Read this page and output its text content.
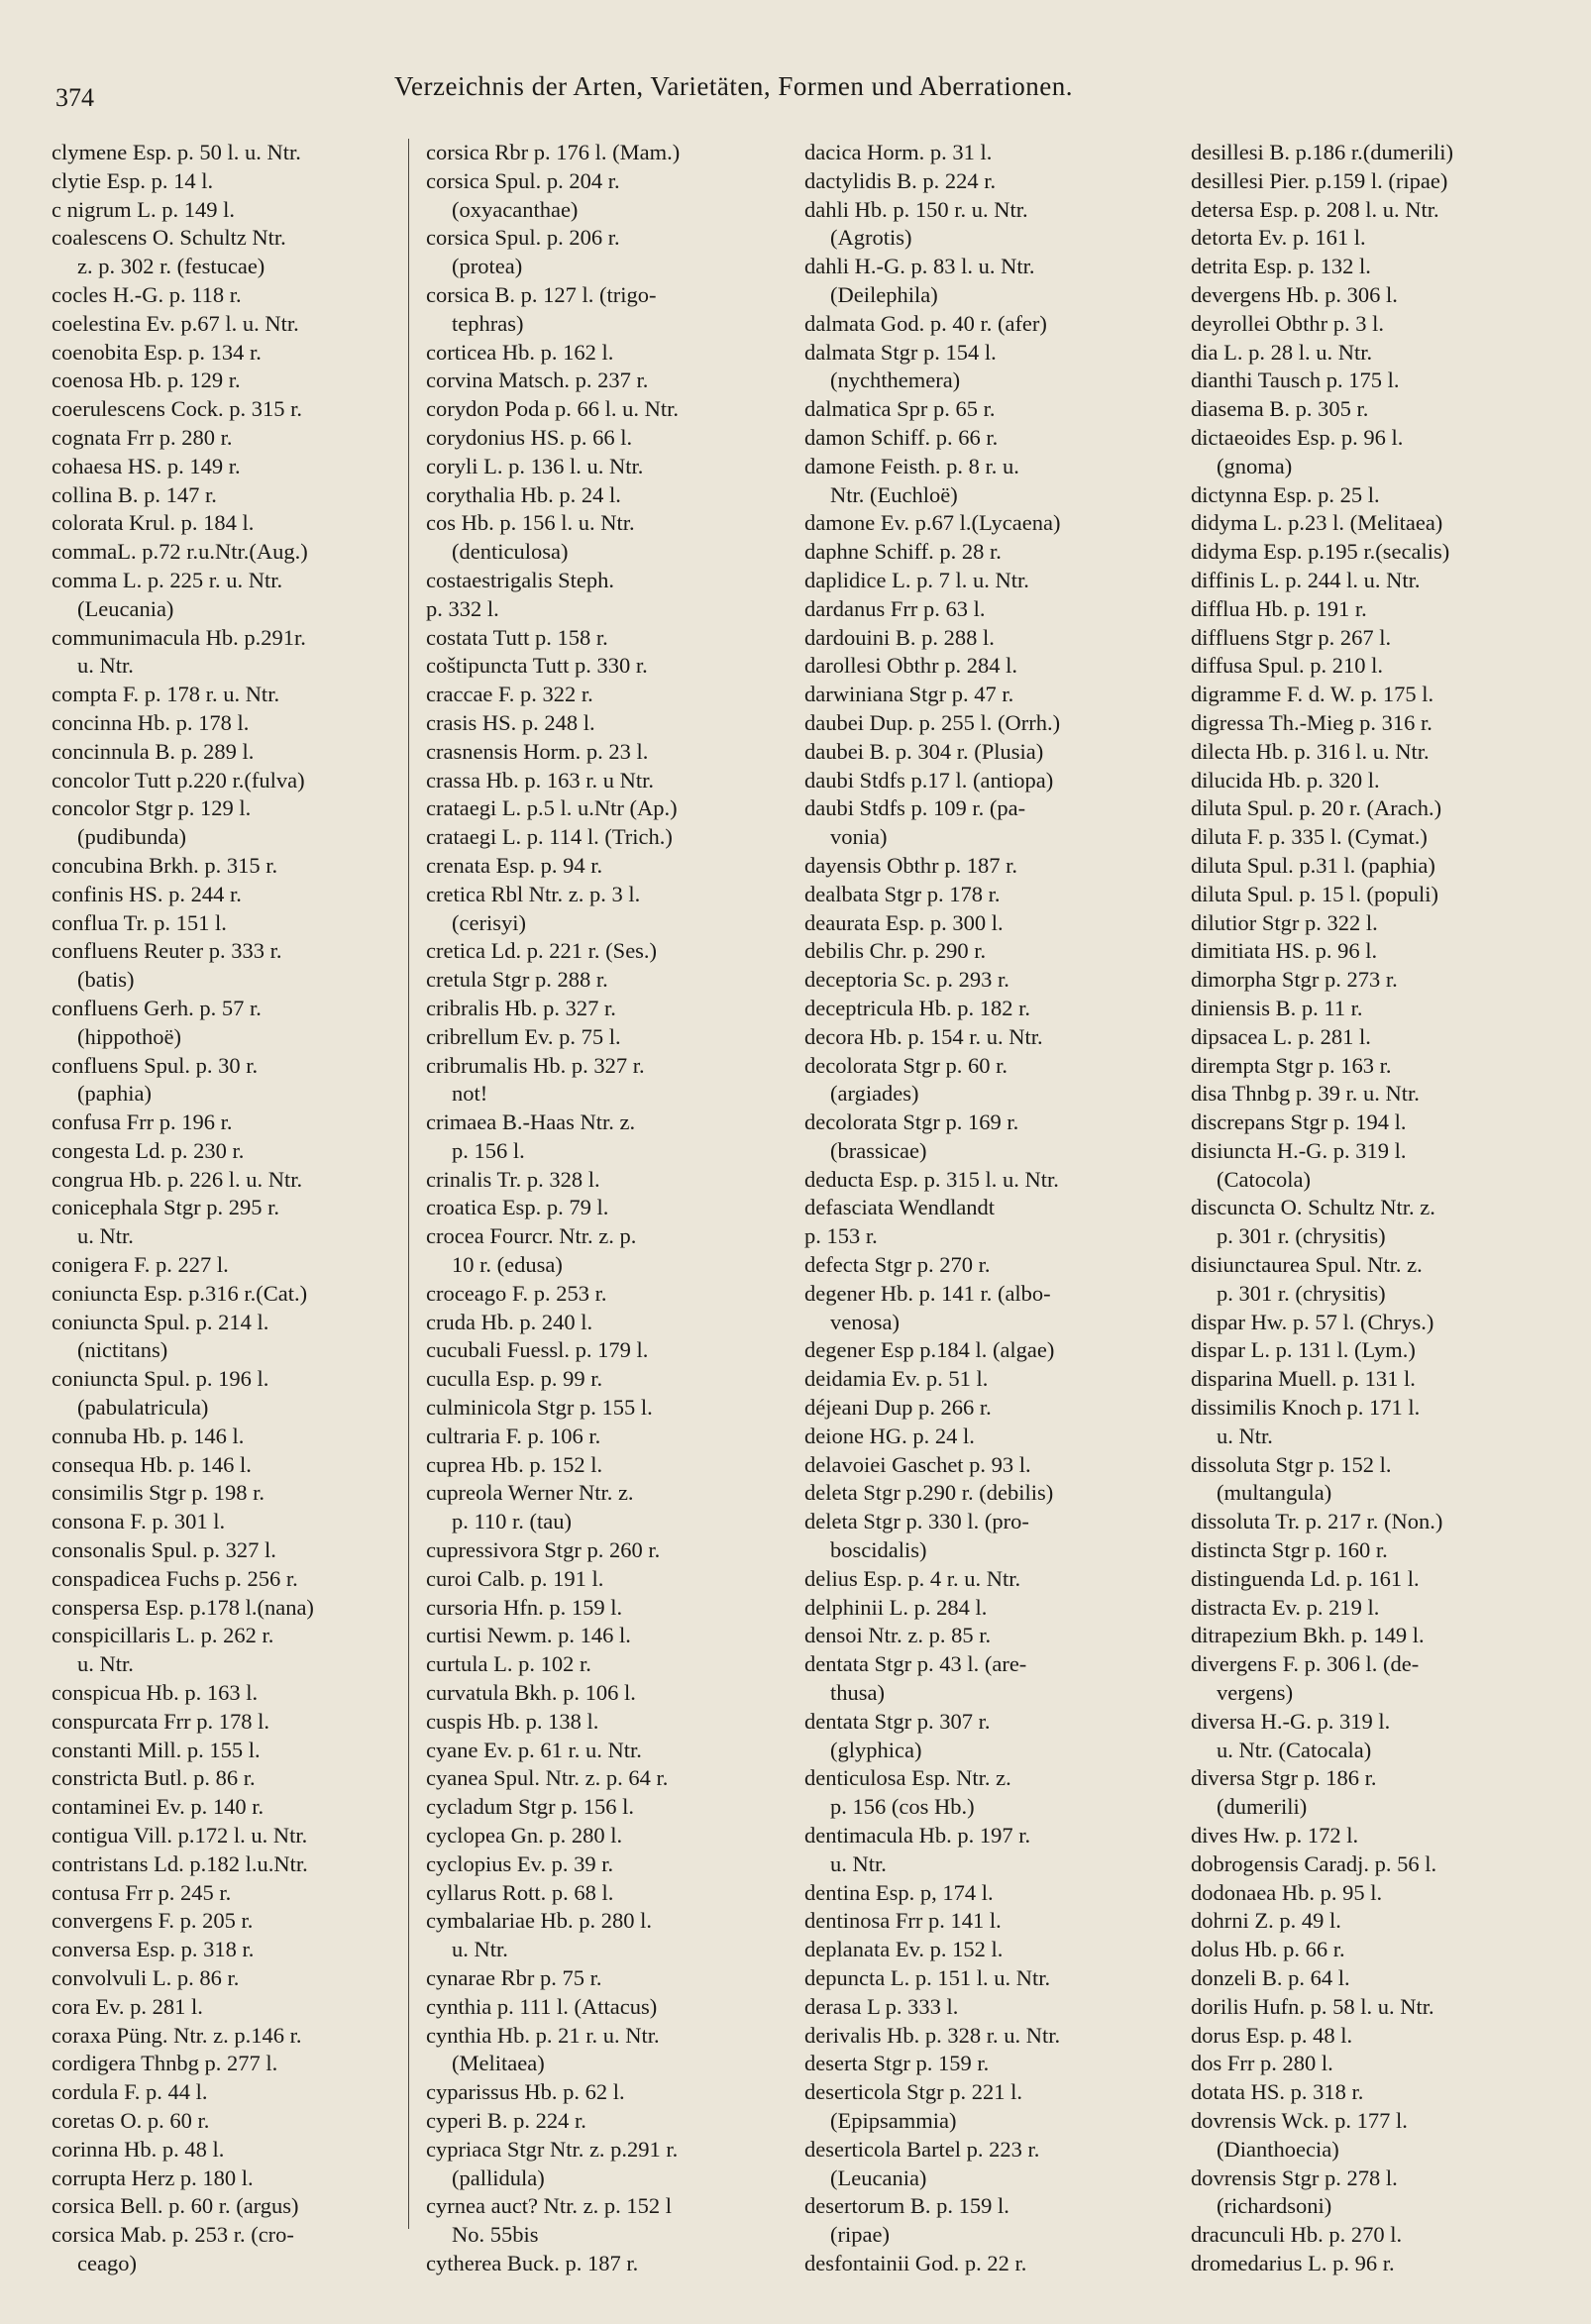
374	Verzeichnis der Arten, Varietäten, Formen und Aberrationen.
clymene Esp. p. 50 l. u. Ntr.
clytie Esp. p. 14 l.
c nigrum L. p. 149 l.
coalescens O. Schultz Ntr.
z. p. 302 r. (festucae)
cocles H.-G. p. 118 r.
coelestina Ev. p.67 l. u. Ntr.
coenobita Esp. p. 134 r.
coenosa Hb. p. 129 r.
coerulescens Cock. p. 315 r.
cognata Frr p. 280 r.
cohaesa HS. p. 149 r.
collina B. p. 147 r.
colorata Krul. p. 184 l.
commaL. p.72 r.u.Ntr.(Aug.)
comma L. p. 225 r. u. Ntr.
(Leucania)
communimacula Hb. p.291r.
u. Ntr.
compta F. p. 178 r. u. Ntr.
concinna Hb. p. 178 l.
concinnula B. p. 289 l.
concolor Tutt p.220 r.(fulva)
concolor Stgr p. 129 l.
(pudibunda)
concubina Brkh. p. 315 r.
confinis HS. p. 244 r.
conflua Tr. p. 151 l.
confluens Reuter p. 333 r.
(batis)
confluens Gerh. p. 57 r.
(hippothoë)
confluens Spul. p. 30 r.
(paphia)
confusa Frr p. 196 r.
congesta Ld. p. 230 r.
congrua Hb. p. 226 l. u. Ntr.
conicephala Stgr p. 295 r.
u. Ntr.
conigera F. p. 227 l.
coniuncta Esp. p.316 r.(Cat.)
coniuncta Spul. p. 214 l.
(nictitans)
coniuncta Spul. p. 196 l.
(pabulatricula)
connuba Hb. p. 146 l.
consequa Hb. p. 146 l.
consimilis Stgr p. 198 r.
consona F. p. 301 l.
consonalis Spul. p. 327 l.
conspadicea Fuchs p. 256 r.
conspersa Esp. p.178 l.(nana)
conspicillaris L. p. 262 r.
u. Ntr.
conspicua Hb. p. 163 l.
conspurcata Frr p. 178 l.
constanti Mill. p. 155 l.
constricta Butl. p. 86 r.
contaminei Ev. p. 140 r.
contigua Vill. p.172 l. u. Ntr.
contristans Ld. p.182 l.u.Ntr.
contusa Frr p. 245 r.
convergens F. p. 205 r.
conversa Esp. p. 318 r.
convolvuli L. p. 86 r.
cora Ev. p. 281 l.
coraxa Püng. Ntr. z. p.146 r.
cordigera Thnbg p. 277 l.
cordula F. p. 44 l.
coretas O. p. 60 r.
corinna Hb. p. 48 l.
corrupta Herz p. 180 l.
corsica Bell. p. 60 r. (argus)
corsica Mab. p. 253 r. (cro-
ceago)
corsica Rbr p. 176 l. (Mam.)
corsica Spul. p. 204 r.
(oxyacanthae)
corsica Spul. p. 206 r.
(protea)
corsica B. p. 127 l. (trigo-
tephras)
corticea Hb. p. 162 l.
corvina Matsch. p. 237 r.
corydon Poda p. 66 l. u. Ntr.
corydonius HS. p. 66 l.
coryli L. p. 136 l. u. Ntr.
corythalia Hb. p. 24 l.
cos Hb. p. 156 l. u. Ntr.
(denticulosa)
costaestrigalis Steph.
p. 332 l.
costata Tutt p. 158 r.
coštipuncta Tutt p. 330 r.
craccae F. p. 322 r.
crasis HS. p. 248 l.
crasnensis Horm. p. 23 l.
crassa Hb. p. 163 r. u Ntr.
crataegi L. p.5 l. u.Ntr (Ap.)
crataegi L. p. 114 l. (Trich.)
crenata Esp. p. 94 r.
cretica Rbl Ntr. z. p. 3 l.
(cerisyi)
cretica Ld. p. 221 r. (Ses.)
cretula Stgr p. 288 r.
cribralis Hb. p. 327 r.
cribrellum Ev. p. 75 l.
cribrumalis Hb. p. 327 r.
not!
crimaea B.-Haas Ntr. z.
p. 156 l.
crinalis Tr. p. 328 l.
croatica Esp. p. 79 l.
crocea Fourcr. Ntr. z. p.
10 r. (edusa)
croceago F. p. 253 r.
cruda Hb. p. 240 l.
cucubali Fuessl. p. 179 l.
cuculla Esp. p. 99 r.
culminicola Stgr p. 155 l.
cultraria F. p. 106 r.
cuprea Hb. p. 152 l.
cupreola Werner Ntr. z.
p. 110 r. (tau)
cupressivora Stgr p. 260 r.
curoi Calb. p. 191 l.
cursoria Hfn. p. 159 l.
curtisi Newm. p. 146 l.
curtula L. p. 102 r.
curvatula Bkh. p. 106 l.
cuspis Hb. p. 138 l.
cyane Ev. p. 61 r. u. Ntr.
cyanea Spul. Ntr. z. p. 64 r.
cycladum Stgr p. 156 l.
cyclopea Gn. p. 280 l.
cyclopius Ev. p. 39 r.
cyllarus Rott. p. 68 l.
cymbalariae Hb. p. 280 l.
u. Ntr.
cynarae Rbr p. 75 r.
cynthia p. 111 l. (Attacus)
cynthia Hb. p. 21 r. u. Ntr.
(Melitaea)
cyparissus Hb. p. 62 l.
cyperi B. p. 224 r.
cypriaca Stgr Ntr. z. p.291 r.
(pallidula)
cyrnea auct? Ntr. z. p. 152 l
No. 55bis
cytherea Buck. p. 187 r.
dacica Horm. p. 31 l.
dactylidis B. p. 224 r.
dahli Hb. p. 150 r. u. Ntr.
(Agrotis)
dahli H.-G. p. 83 l. u. Ntr.
(Deilephila)
dalmata God. p. 40 r. (afer)
dalmata Stgr p. 154 l.
(nychthemera)
dalmatica Spr p. 65 r.
damon Schiff. p. 66 r.
damone Feisth. p. 8 r. u.
Ntr. (Euchloë)
damone Ev. p.67 l.(Lycaena)
daphne Schiff. p. 28 r.
daplidice L. p. 7 l. u. Ntr.
dardanus Frr p. 63 l.
dardouini B. p. 288 l.
darollesi Obthr p. 284 l.
darwiniana Stgr p. 47 r.
daubei Dup. p. 255 l. (Orrh.)
daubei B. p. 304 r. (Plusia)
daubi Stdfs p.17 l. (antiopa)
daubi Stdfs p. 109 r. (pa-
vonia)
dayensis Obthr p. 187 r.
dealbata Stgr p. 178 r.
deaurata Esp. p. 300 l.
debilis Chr. p. 290 r.
deceptoria Sc. p. 293 r.
deceptricula Hb. p. 182 r.
decora Hb. p. 154 r. u. Ntr.
decolorata Stgr p. 60 r.
(argiades)
decolorata Stgr p. 169 r.
(brassicae)
deducta Esp. p. 315 l. u. Ntr.
defasciata Wendlandt
p. 153 r.
defecta Stgr p. 270 r.
degener Hb. p. 141 r. (albo-
venosa)
degener Esp p.184 l. (algae)
deidamia Ev. p. 51 l.
déjeani Dup p. 266 r.
deione HG. p. 24 l.
delavoiei Gaschet p. 93 l.
deleta Stgr p.290 r. (debilis)
deleta Stgr p. 330 l. (pro-
boscidalis)
delius Esp. p. 4 r. u. Ntr.
delphinii L. p. 284 l.
densoi Ntr. z. p. 85 r.
dentata Stgr p. 43 l. (are-
thusa)
dentata Stgr p. 307 r.
(glyphica)
denticulosa Esp. Ntr. z.
p. 156 (cos Hb.)
dentimacula Hb. p. 197 r.
u. Ntr.
dentina Esp. p, 174 l.
dentinosa Frr p. 141 l.
deplanata Ev. p. 152 l.
depuncta L. p. 151 l. u. Ntr.
derasa L p. 333 l.
derivalis Hb. p. 328 r. u. Ntr.
deserta Stgr p. 159 r.
deserticola Stgr p. 221 l.
(Epipsammia)
deserticola Bartel p. 223 r.
(Leucania)
desertorum B. p. 159 l.
(ripae)
desfontainii God. p. 22 r.
desillesi B. p.186 r.(dumerili)
desillesi Pier. p.159 l. (ripae)
detersa Esp. p. 208 l. u. Ntr.
detorta Ev. p. 161 l.
detrita Esp. p. 132 l.
devergens Hb. p. 306 l.
deyrollei Obthr p. 3 l.
dia L. p. 28 l. u. Ntr.
dianthi Tausch p. 175 l.
diasema B. p. 305 r.
dictaeoides Esp. p. 96 l.
(gnoma)
dictynna Esp. p. 25 l.
didyma L. p.23 l. (Melitaea)
didyma Esp. p.195 r.(secalis)
diffinis L. p. 244 l. u. Ntr.
difflua Hb. p. 191 r.
diffluens Stgr p. 267 l.
diffusa Spul. p. 210 l.
digramme F. d. W. p. 175 l.
digressa Th.-Mieg p. 316 r.
dilecta Hb. p. 316 l. u. Ntr.
dilucida Hb. p. 320 l.
diluta Spul. p. 20 r. (Arach.)
diluta F. p. 335 l. (Cymat.)
diluta Spul. p.31 l. (paphia)
diluta Spul. p. 15 l. (populi)
dilutior Stgr p. 322 l.
dimitiata HS. p. 96 l.
dimorpha Stgr p. 273 r.
diniensis B. p. 11 r.
dipsacea L. p. 281 l.
dirempta Stgr p. 163 r.
disa Thnbg p. 39 r. u. Ntr.
discrepans Stgr p. 194 l.
disiuncta H.-G. p. 319 l.
(Catocola)
discuncta O. Schultz Ntr. z.
p. 301 r. (chrysitis)
disiunctaurea Spul. Ntr. z.
p. 301 r. (chrysitis)
dispar Hw. p. 57 l. (Chrys.)
dispar L. p. 131 l. (Lym.)
disparina Muell. p. 131 l.
dissimilis Knoch p. 171 l.
u. Ntr.
dissoluta Stgr p. 152 l.
(multangula)
dissoluta Tr. p. 217 r. (Non.)
distincta Stgr p. 160 r.
distinguenda Ld. p. 161 l.
distracta Ev. p. 219 l.
ditrapezium Bkh. p. 149 l.
divergens F. p. 306 l. (de-
vergens)
diversa H.-G. p. 319 l.
u. Ntr. (Catocala)
diversa Stgr p. 186 r.
(dumerili)
dives Hw. p. 172 l.
dobrogensis Caradj. p. 56 l.
dodonaea Hb. p. 95 l.
dohrni Z. p. 49 l.
dolus Hb. p. 66 r.
donzeli B. p. 64 l.
dorilis Hufn. p. 58 l. u. Ntr.
dorus Esp. p. 48 l.
dos Frr p. 280 l.
dotata HS. p. 318 r.
dovrensis Wck. p. 177 l.
(Dianthoecia)
dovrensis Stgr p. 278 l.
(richardsoni)
dracunculi Hb. p. 270 l.
dromedarius L. p. 96 r.
